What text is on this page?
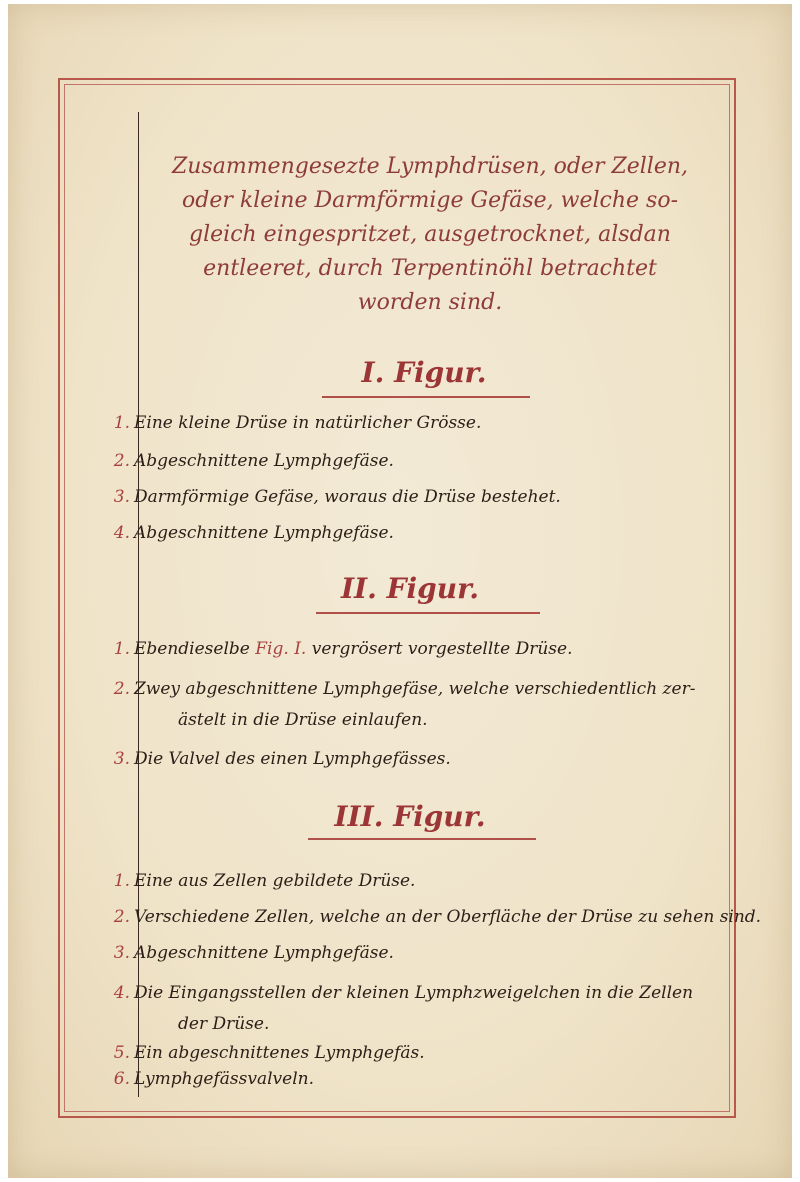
Zusammengesezte Lymphdrüsen, oder Zellen,
oder kleine Darmförmige Gefäse, welche so-
gleich eingespritzet, ausgetrocknet, alsdan
entleeret, durch Terpentinöhl betrachtet
worden sind.
I. Figur.
1. Eine kleine Drüse in natürlicher Grösse.
2. Abgeschnittene Lymphgefäse.
3. Darmförmige Gefäse, woraus die Drüse bestehet.
4. Abgeschnittene Lymphgefäse.
II. Figur.
1. Ebendieselbe Fig. I. vergrösert vorgestellte Drüse.
2. Zwey abgeschnittene Lymphgefäse, welche verschiedentlich zer-
ästelt in die Drüse einlaufen.
3. Die Valvel des einen Lymphgefässes.
III. Figur.
1. Eine aus Zellen gebildete Drüse.
2. Verschiedene Zellen, welche an der Oberfläche der Drüse zu sehen sind.
3. Abgeschnittene Lymphgefäse.
4. Die Eingangsstellen der kleinen Lymphzweigelchen in die Zellen
der Drüse.
5. Ein abgeschnittenes Lymphgefäs.
6. Lymphgefässvalveln.
